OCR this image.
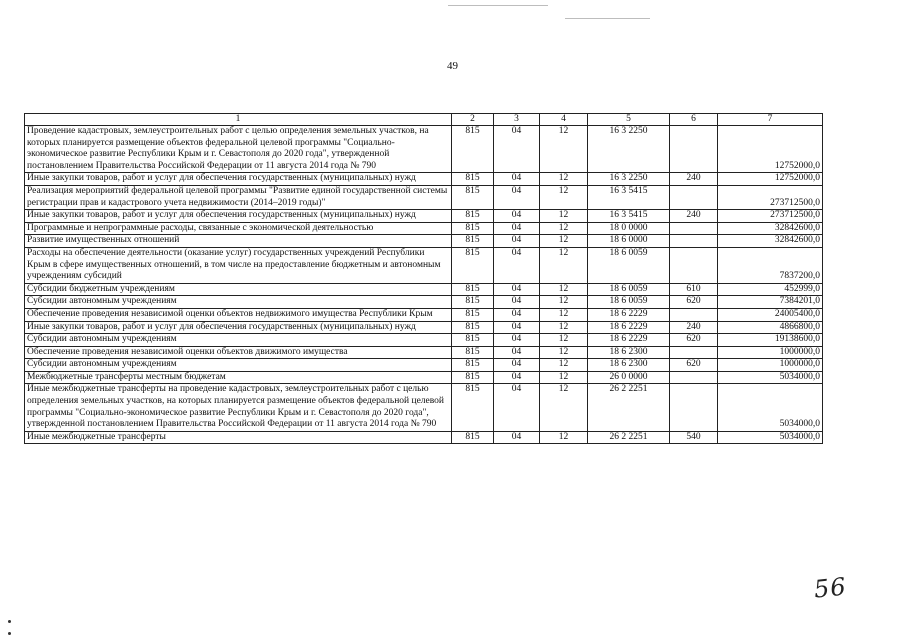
49
1	2	3	4	5	6	7
Проведение кадастровых, землеустроительных работ с целью определения земельных участков, на которых планируется размещение объектов федеральной целевой программы "Социально-экономическое развитие Республики Крым и г. Севастополя до 2020 года", утвержденной постановлением Правительства Российской Федерации от 11 августа 2014 года № 790	815	04	12	16 3 2250		12752000,0
Иные закупки товаров, работ и услуг для обеспечения государственных (муниципальных) нужд	815	04	12	16 3 2250	240	12752000,0
Реализация мероприятий федеральной целевой программы "Развитие единой государственной системы регистрации прав и кадастрового учета недвижимости (2014–2019 годы)"	815	04	12	16 3 5415		273712500,0
Иные закупки товаров, работ и услуг для обеспечения государственных (муниципальных) нужд	815	04	12	16 3 5415	240	273712500,0
Программные и непрограммные расходы, связанные с экономической деятельностью	815	04	12	18 0 0000		32842600,0
Развитие имущественных отношений	815	04	12	18 6 0000		32842600,0
Расходы на обеспечение деятельности (оказание услуг) государственных учреждений Республики Крым в сфере имущественных отношений, в том числе на предоставление бюджетным и автономным учреждениям субсидий	815	04	12	18 6 0059		7837200,0
Субсидии бюджетным учреждениям	815	04	12	18 6 0059	610	452999,0
Субсидии автономным учреждениям	815	04	12	18 6 0059	620	7384201,0
Обеспечение проведения независимой оценки объектов недвижимого имущества Республики Крым	815	04	12	18 6 2229		24005400,0
Иные закупки товаров, работ и услуг для обеспечения государственных (муниципальных) нужд	815	04	12	18 6 2229	240	4866800,0
Субсидии автономным учреждениям	815	04	12	18 6 2229	620	19138600,0
Обеспечение проведения независимой оценки объектов движимого имущества	815	04	12	18 6 2300		1000000,0
Субсидии автономным учреждениям	815	04	12	18 6 2300	620	1000000,0
Межбюджетные трансферты местным бюджетам	815	04	12	26 0 0000		5034000,0
Иные межбюджетные трансферты на проведение кадастровых, землеустроительных работ с целью определения земельных участков, на которых планируется размещение объектов федеральной целевой программы "Социально-экономическое развитие Республики Крым и г. Севастополя до 2020 года", утвержденной постановлением Правительства Российской Федерации от 11 августа 2014 года № 790	815	04	12	26 2 2251		5034000,0
Иные межбюджетные трансферты	815	04	12	26 2 2251	540	5034000,0
56
